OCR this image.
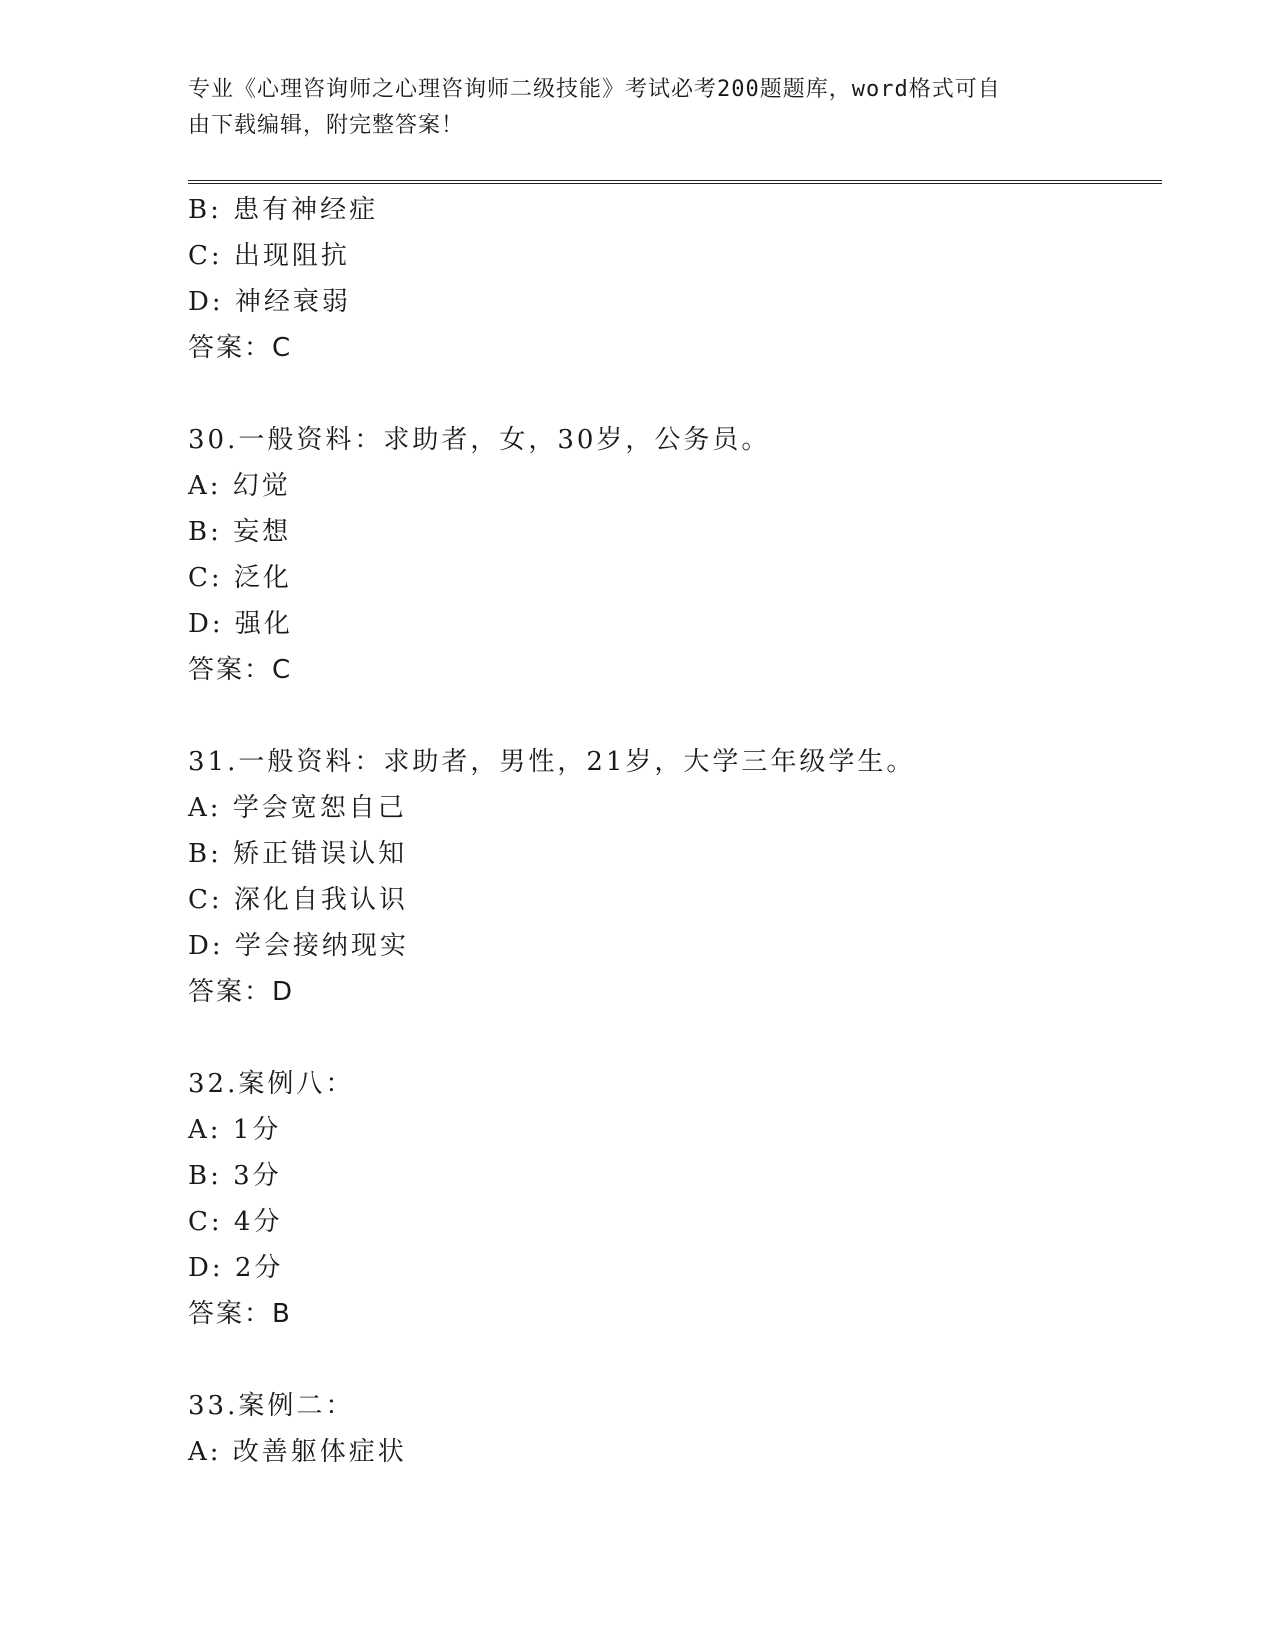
专业《心理咨询师之心理咨询师二级技能》考试必考200题题库，word格式可自
由下载编辑，附完整答案！
B: 患有神经症
C: 出现阻抗
D: 神经衰弱
答案：C
30.一般资料：求助者，女，30岁，公务员。
A: 幻觉
B: 妄想
C: 泛化
D: 强化
答案：C
31.一般资料：求助者，男性，21岁，大学三年级学生。
A: 学会宽恕自己
B: 矫正错误认知
C: 深化自我认识
D: 学会接纳现实
答案：D
32.案例八：
A: 1分
B: 3分
C: 4分
D: 2分
答案：B
33.案例二：
A: 改善躯体症状
